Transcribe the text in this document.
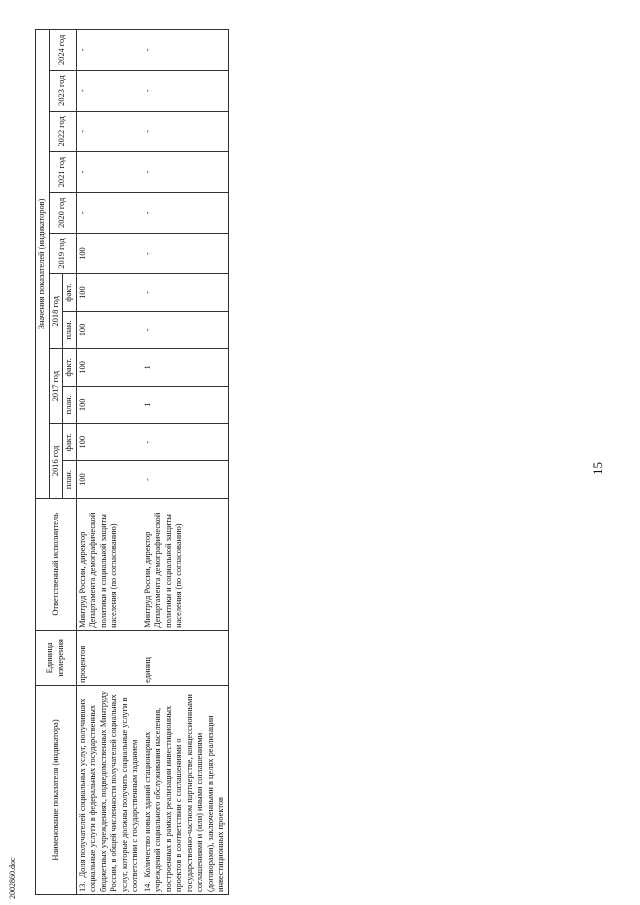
15
2002860.doc
Наименование показателя (индикатора)	Единица измерения	Ответственный исполнитель	Значения показателей (индикаторов)											
			2016 год		2017 год		2018 год		2019 год	2020 год	2021 год	2022 год	2023 год	2024 год
			план.	факт.	план.	факт.	план.	факт.						
13.Доля получателей социальных услуг, получивших социальные услуги в федеральных государственных бюджетных учреждениях, подведомственных Минтруду России, в общей численности получателей социальных услуг, которые должны получить социальные услуги в соответствии с государственным заданием	процентов	Минтруд России, директор Департамента демографической политики и социальной защиты населения (по согласованию)	100	100	100	100	100	100	100	-	-	-	-	-
14.Количество новых зданий стационарных учреждений социального обслуживания населения, построенных в рамках реализации инвестиционных проектов в соответствии с соглашениями о государственно-частном партнерстве, концессионными соглашениями и (или) иными соглашениями (договорами), заключенными в целях реализации инвестиционных проектов	единиц	Минтруд России, директор Департамента демографической политики и социальной защиты населения (по согласованию)	-	-	1	1	-	-	-	-	-	-	-	-
